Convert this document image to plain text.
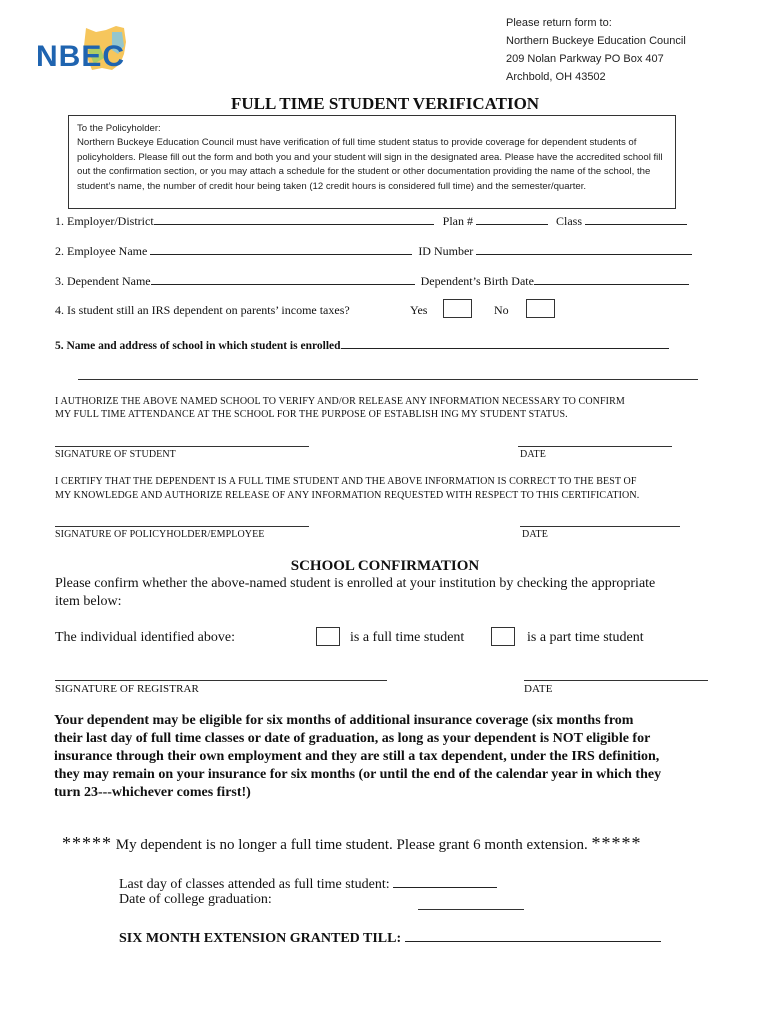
NBEC
Please return form to:
Northern Buckeye Education Council
209 Nolan Parkway PO Box 407
Archbold, OH 43502
FULL TIME STUDENT VERIFICATION

To the Policyholder:

Northern Buckeye Education Council must have verification of full time student status to provide coverage for dependent students of policyholders. Please fill out the form and both you and your student will sign in the designated area. Please have the accredited school fill out the confirmation section, or you may attach a schedule for the student or other documentation providing the name of the school, the student’s name, the number of credit hour being taken (12 credit hours is considered full time) and the semester/quarter.

1. Employer/District	Plan #	Class
2. Employee Name	ID Number
3. Dependent Name	Dependent’s Birth Date
4. Is student still an IRS dependent on parents’ income taxes?	Yes	No
5. Name and address of school in which student is enrolled
I AUTHORIZE THE ABOVE NAMED SCHOOL TO VERIFY AND/OR RELEASE ANY INFORMATION NECESSARY TO CONFIRM
MY FULL TIME ATTENDANCE AT THE SCHOOL FOR THE PURPOSE OF ESTABLISH ING MY STUDENT STATUS.
SIGNATURE OF STUDENT	DATE
I CERTIFY THAT THE DEPENDENT IS A FULL TIME STUDENT AND THE ABOVE INFORMATION IS CORRECT TO THE BEST OF
MY KNOWLEDGE AND AUTHORIZE RELEASE OF ANY INFORMATION REQUESTED WITH RESPECT TO THIS CERTIFICATION.
SIGNATURE OF POLICYHOLDER/EMPLOYEE	DATE
SCHOOL CONFIRMATION
Please confirm whether the above-named student is enrolled at your institution by checking the appropriate
item below:
The individual identified above:	is a full time student	is a part time student
SIGNATURE OF REGISTRAR	DATE
Your dependent may be eligible for six months of additional insurance coverage (six months from
their last day of full time classes or date of graduation, as long as your dependent is NOT eligible for
insurance through their own employment and they are still a tax dependent, under the IRS definition,
they may remain on your insurance for six months (or until the end of the calendar year in which they
turn 23---whichever comes first!)
***** My dependent is no longer a full time student. Please grant 6 month extension. *****
Last day of classes attended as full time student:
Date of college graduation:
SIX MONTH EXTENSION GRANTED TILL:
